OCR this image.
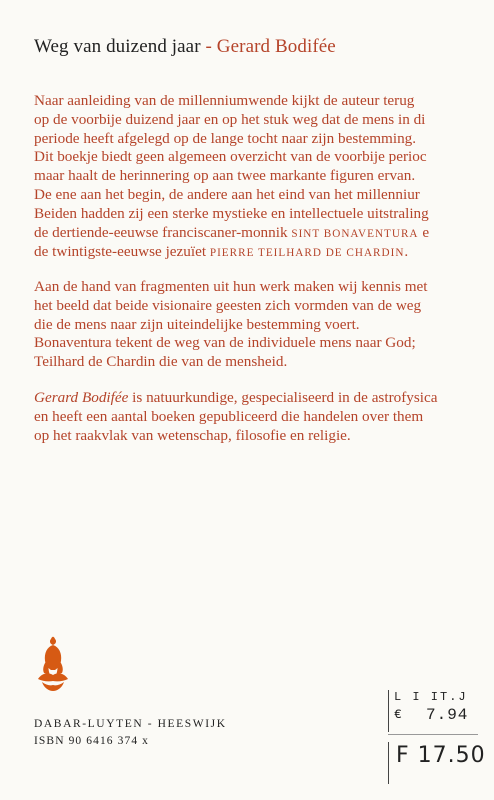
Weg van duizend jaar - Gerard Bodifée
Naar aanleiding van de millenniumwende kijkt de auteur terug
op de voorbije duizend jaar en op het stuk weg dat de mens in di
periode heeft afgelegd op de lange tocht naar zijn bestemming.
Dit boekje biedt geen algemeen overzicht van de voorbije perioc
maar haalt de herinnering op aan twee markante figuren ervan.
De ene aan het begin, de andere aan het eind van het millenniur
Beiden hadden zij een sterke mystieke en intellectuele uitstraling
de dertiende-eeuwse franciscaner-monnik SINT BONAVENTURA e
de twintigste-eeuwse jezuïet PIERRE TEILHARD DE CHARDIN.
Aan de hand van fragmenten uit hun werk maken wij kennis met
het beeld dat beide visionaire geesten zich vormden van de weg
die de mens naar zijn uiteindelijke bestemming voert.
Bonaventura tekent de weg van de individuele mens naar God;
Teilhard de Chardin die van de mensheid.
Gerard Bodifée is natuurkundige, gespecialiseerd in de astrofysica
en heeft een aantal boeken gepubliceerd die handelen over them
op het raakvlak van wetenschap, filosofie en religie.
DABAR-LUYTEN - HEESWIJK
ISBN 90 6416 374 x
L I IT.J
€ 7.94
F 17.50
